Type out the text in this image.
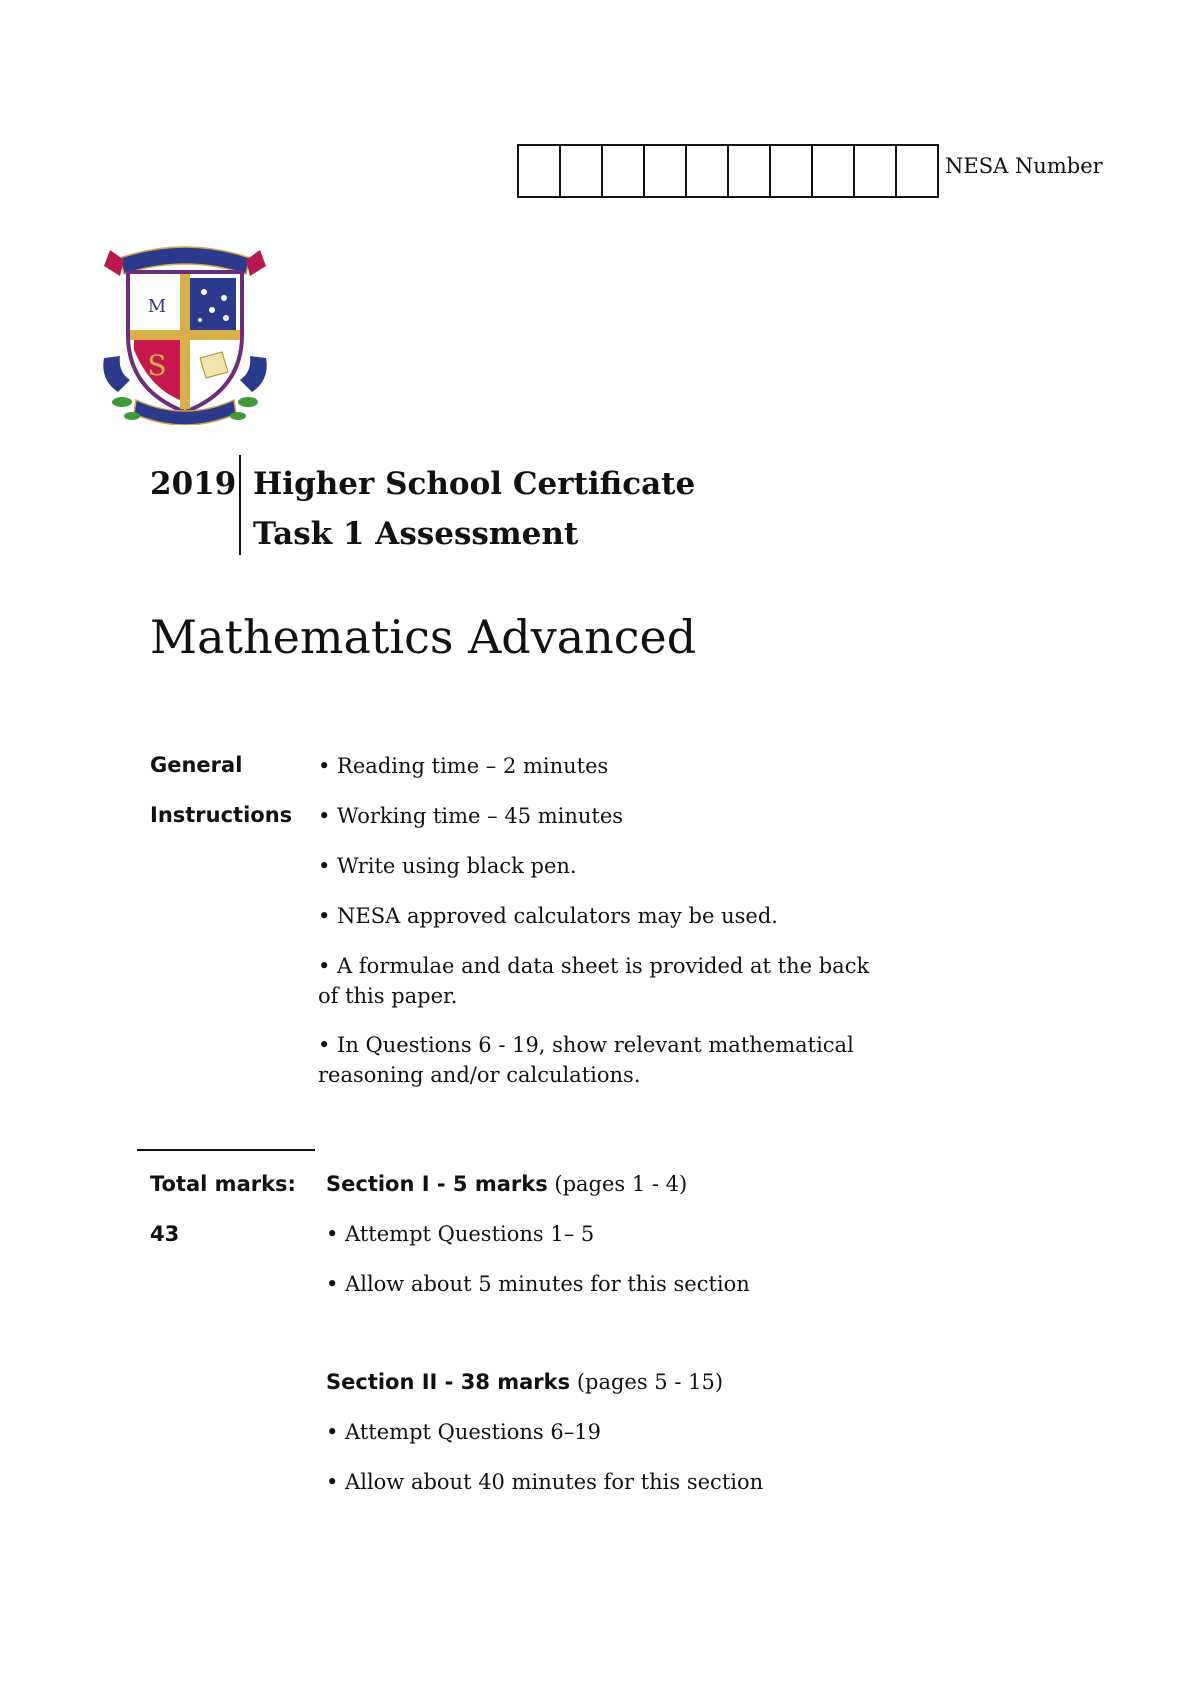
NESA Number
M
S
2019 Higher School Certificate
Task 1 Assessment
Mathematics Advanced
General
Instructions
• Reading time – 2 minutes
• Working time – 45 minutes
• Write using black pen.
• NESA approved calculators may be used.
• A formulae and data sheet is provided at the back of this paper.
• In Questions 6 - 19, show relevant mathematical reasoning and/or calculations.
Total marks:
43
Section I - 5 marks (pages 1 - 4)
• Attempt Questions 1– 5
• Allow about 5 minutes for this section
Section II - 38 marks (pages 5 - 15)
• Attempt Questions 6–19
• Allow about 40 minutes for this section
